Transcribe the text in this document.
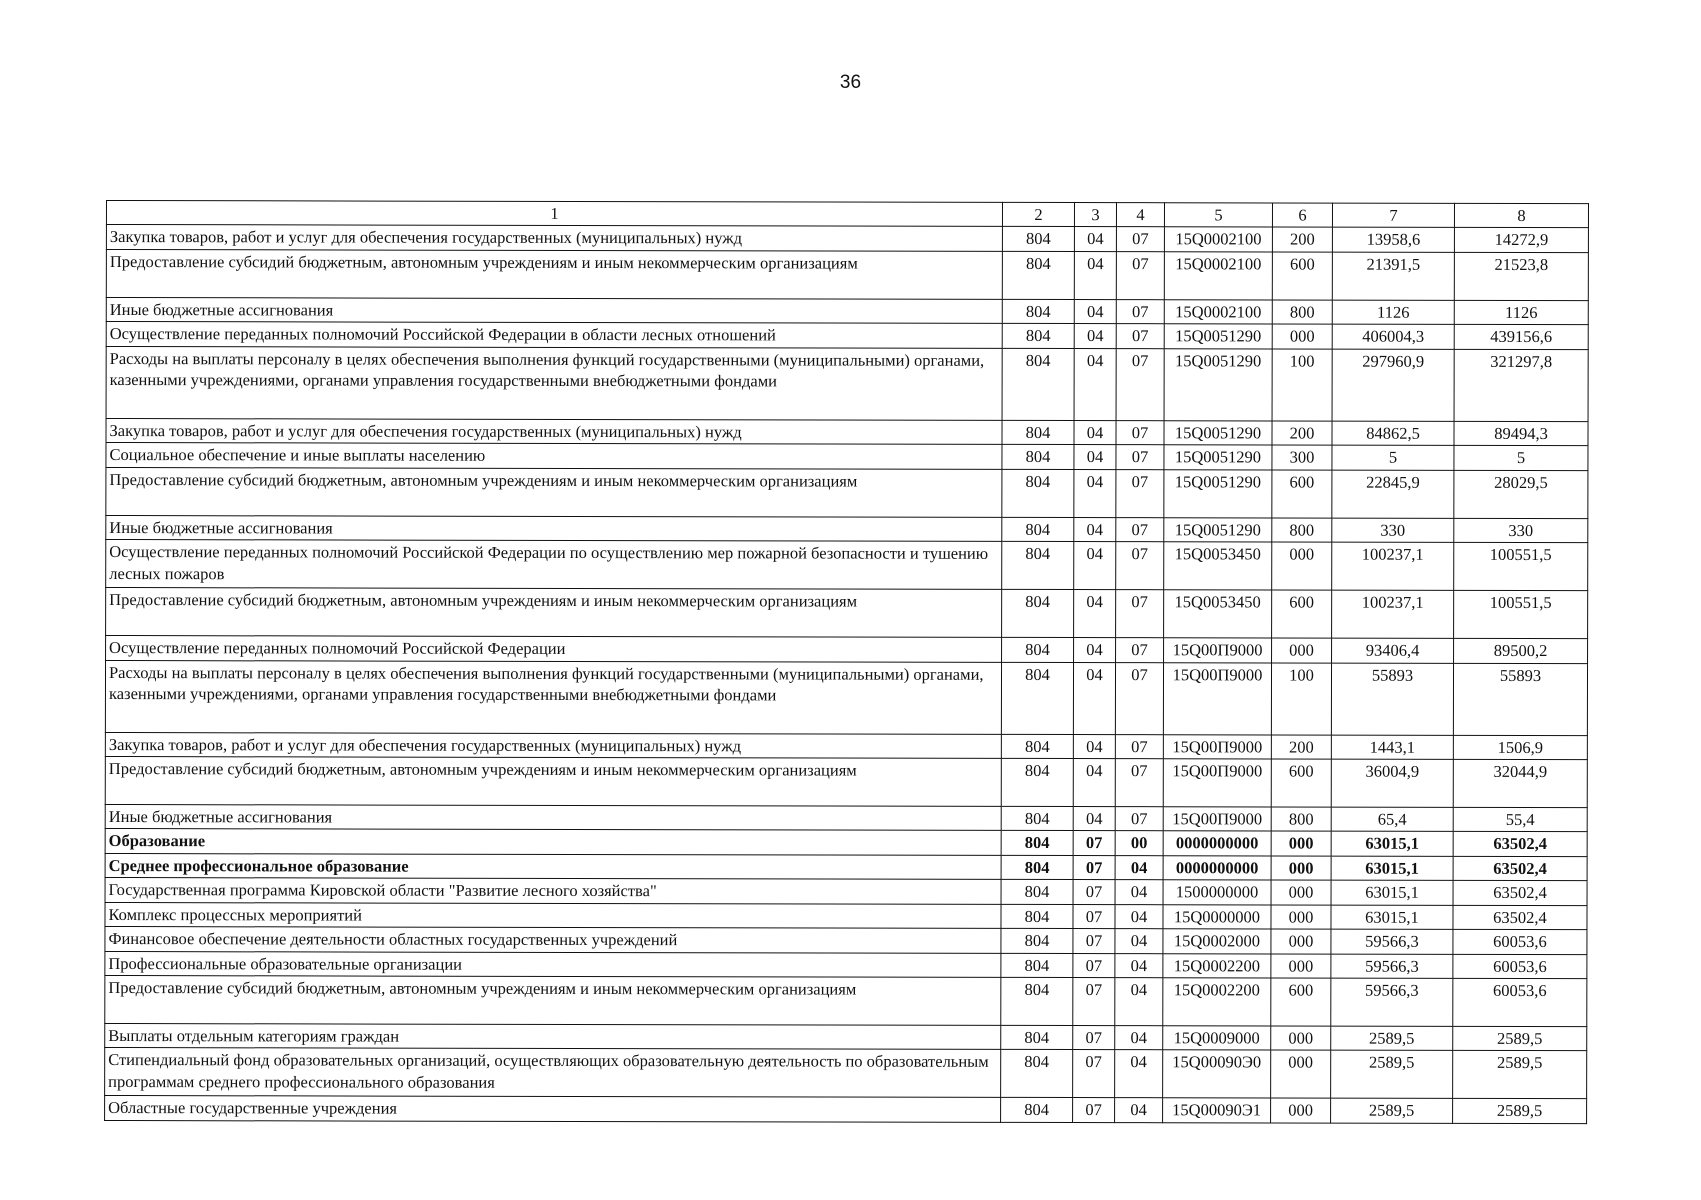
36
1	2	3	4	5	6	7	8
Закупка товаров, работ и услуг для обеспечения государственных (муниципальных) нужд	804	04	07	15Q0002100	200	13958,6	14272,9
Предоставление субсидий бюджетным, автономным учреждениям и иным некоммерческим организациям	804	04	07	15Q0002100	600	21391,5	21523,8
Иные бюджетные ассигнования	804	04	07	15Q0002100	800	1126	1126
Осуществление переданных полномочий Российской Федерации в области лесных отношений	804	04	07	15Q0051290	000	406004,3	439156,6
Расходы на выплаты персоналу в целях обеспечения выполнения функций государственными (муниципальными) органами, казенными учреждениями, органами управления государственными внебюджетными фондами	804	04	07	15Q0051290	100	297960,9	321297,8
Закупка товаров, работ и услуг для обеспечения государственных (муниципальных) нужд	804	04	07	15Q0051290	200	84862,5	89494,3
Социальное обеспечение и иные выплаты населению	804	04	07	15Q0051290	300	5	5
Предоставление субсидий бюджетным, автономным учреждениям и иным некоммерческим организациям	804	04	07	15Q0051290	600	22845,9	28029,5
Иные бюджетные ассигнования	804	04	07	15Q0051290	800	330	330
Осуществление переданных полномочий Российской Федерации по осуществлению мер пожарной безопасности и тушению лесных пожаров	804	04	07	15Q0053450	000	100237,1	100551,5
Предоставление субсидий бюджетным, автономным учреждениям и иным некоммерческим организациям	804	04	07	15Q0053450	600	100237,1	100551,5
Осуществление переданных полномочий Российской Федерации	804	04	07	15Q00П9000	000	93406,4	89500,2
Расходы на выплаты персоналу в целях обеспечения выполнения функций государственными (муниципальными) органами, казенными учреждениями, органами управления государственными внебюджетными фондами	804	04	07	15Q00П9000	100	55893	55893
Закупка товаров, работ и услуг для обеспечения государственных (муниципальных) нужд	804	04	07	15Q00П9000	200	1443,1	1506,9
Предоставление субсидий бюджетным, автономным учреждениям и иным некоммерческим организациям	804	04	07	15Q00П9000	600	36004,9	32044,9
Иные бюджетные ассигнования	804	04	07	15Q00П9000	800	65,4	55,4
Образование	804	07	00	0000000000	000	63015,1	63502,4
Среднее профессиональное образование	804	07	04	0000000000	000	63015,1	63502,4
Государственная программа Кировской области "Развитие лесного хозяйства"	804	07	04	1500000000	000	63015,1	63502,4
Комплекс процессных мероприятий	804	07	04	15Q0000000	000	63015,1	63502,4
Финансовое обеспечение деятельности областных государственных учреждений	804	07	04	15Q0002000	000	59566,3	60053,6
Профессиональные образовательные организации	804	07	04	15Q0002200	000	59566,3	60053,6
Предоставление субсидий бюджетным, автономным учреждениям и иным некоммерческим организациям	804	07	04	15Q0002200	600	59566,3	60053,6
Выплаты отдельным категориям граждан	804	07	04	15Q0009000	000	2589,5	2589,5
Стипендиальный фонд образовательных организаций, осуществляющих образовательную деятельность по образовательным программам среднего профессионального образования	804	07	04	15Q00090Э0	000	2589,5	2589,5
Областные государственные учреждения	804	07	04	15Q00090Э1	000	2589,5	2589,5
